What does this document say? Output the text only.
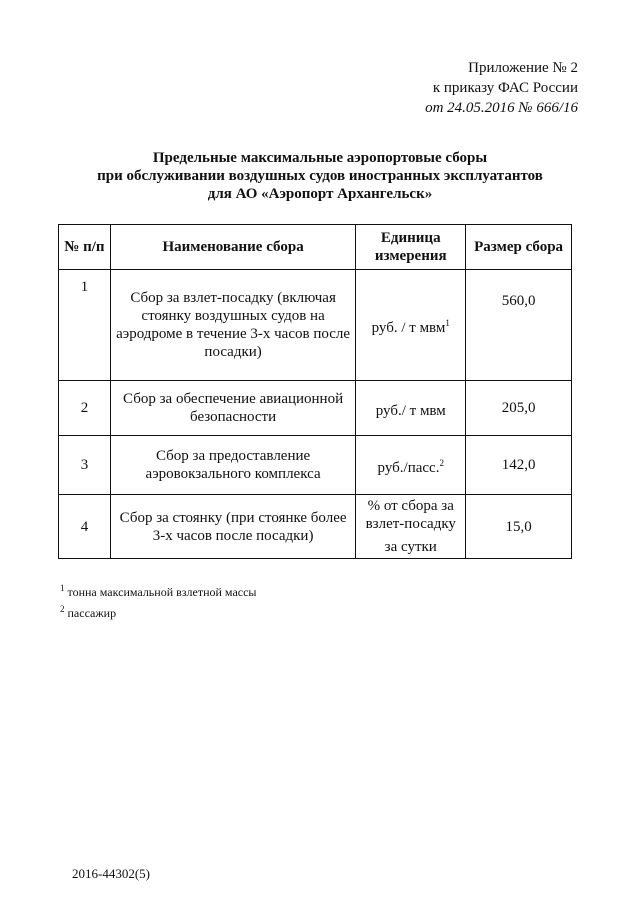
Приложение № 2
к приказу ФАС России
от 24.05.2016 № 666/16
Предельные максимальные аэропортовые сборы
при обслуживании воздушных судов иностранных эксплуатантов
для АО «Аэропорт Архангельск»
№ п/п	Наименование сбора	Единица измерения	Размер сбора
1	Сбор за взлет-посадку (включая стоянку воздушных судов на аэродроме в течение 3-х часов после посадки)	руб. / т мвм$^1$	560,0
2	Сбор за обеспечение авиационной безопасности	руб./ т мвм	205,0
3	Сбор за предоставление аэровокзального комплекса	руб./пасс.$^2$	142,0
4	Сбор за стоянку (при стоянке более 3-х часов после посадки)	% от сбора за взлет-посадку за сутки	15,0
$^1$ тонна максимальной взлетной массы
$^2$ пассажир
2016-44302(5)
